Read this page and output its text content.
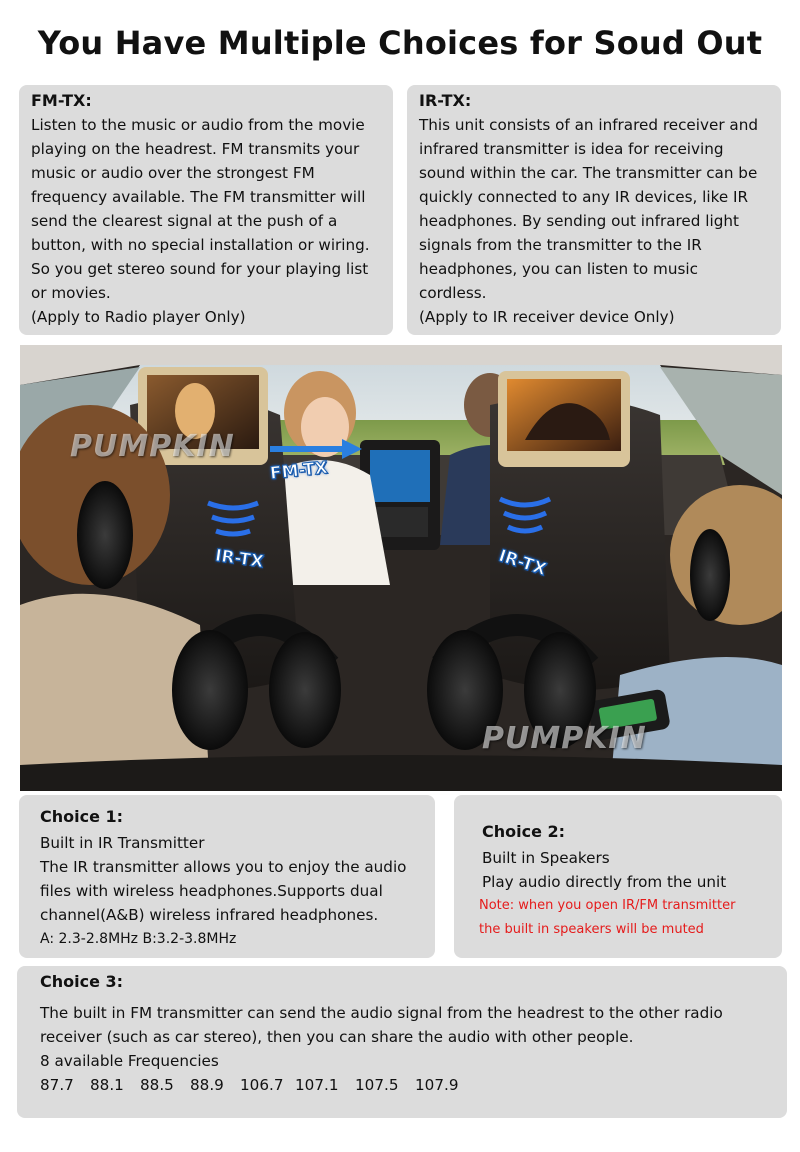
You Have Multiple Choices for Soud Out
FM-TX:
Listen to the music or audio from the movie
playing on the headrest. FM transmits your
music or audio over the strongest FM
frequency available. The FM transmitter will
send the clearest signal at the push of a
button, with no special installation or wiring.
So you get stereo sound for your playing list
or movies.
(Apply to Radio player Only)
IR-TX:
This unit consists of an infrared receiver and
infrared transmitter is idea for receiving
sound within the car. The transmitter can be
quickly connected to any IR devices, like IR
headphones. By sending out infrared light
signals from the transmitter to the IR
headphones, you can listen to music
cordless.
(Apply to IR receiver device Only)
PUMPKIN
PUMPKIN
FM-TX
IR-TX	IR-TX
Choice 1:
Built in IR Transmitter
The IR transmitter allows you to enjoy the audio
files with wireless headphones.Supports dual
channel(A&B) wireless infrared headphones.
A: 2.3-2.8MHz B:3.2-3.8MHz
Choice 2:
Built in Speakers
Play audio directly from the unit
Note: when you open IR/FM transmitter
the built in speakers will be muted
Choice 3:
The built in FM transmitter can send the audio signal from the headrest to the other radio
receiver (such as car stereo), then you can share the audio with other people.
8 available Frequencies
87.7	88.1	88.5	88.9	106.7 107.1	107.5	107.9
